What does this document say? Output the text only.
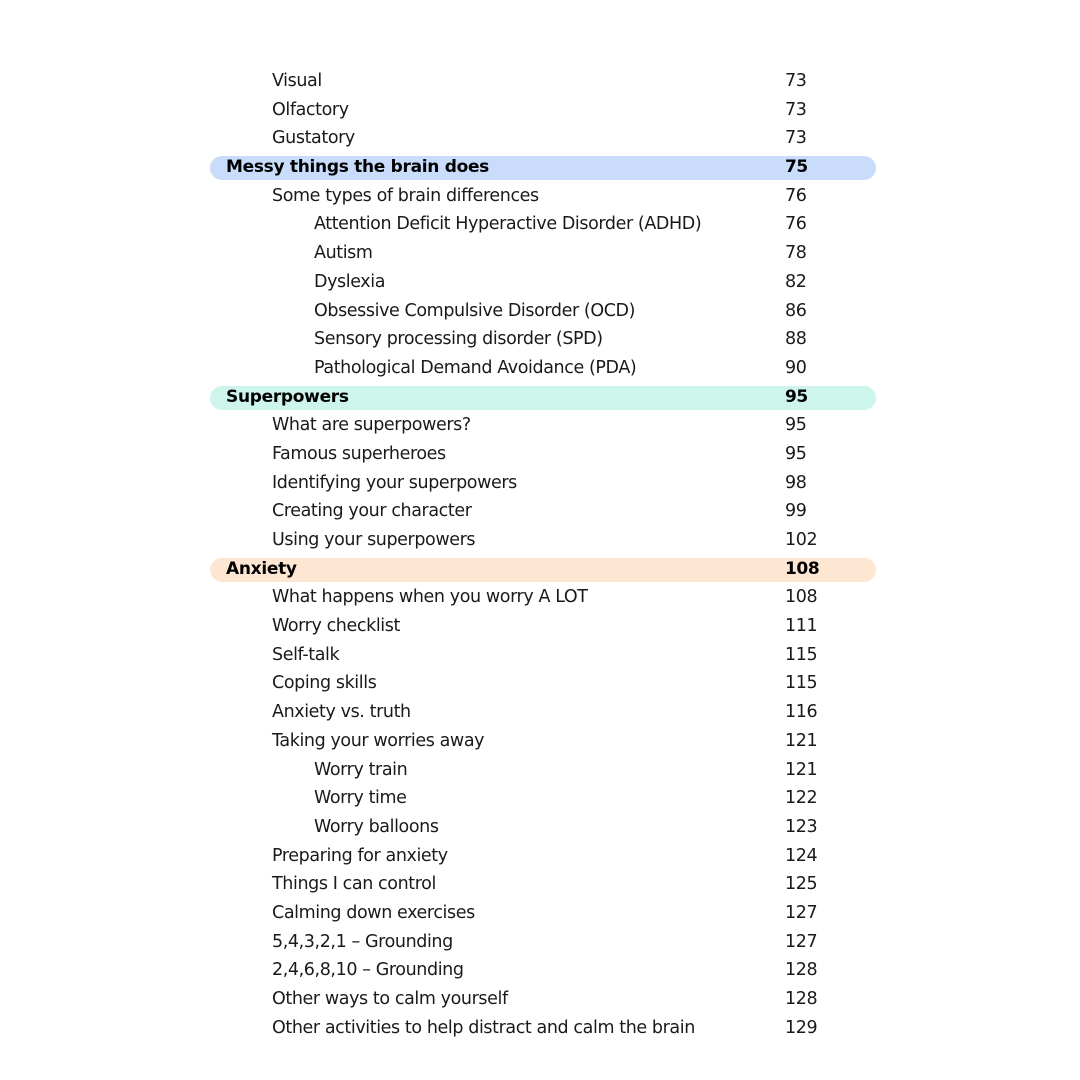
Visual	73
Olfactory	73
Gustatory	73
Messy things the brain does	75
Some types of brain differences	76
Attention Deficit Hyperactive Disorder (ADHD)	76
Autism	78
Dyslexia	82
Obsessive Compulsive Disorder (OCD)	86
Sensory processing disorder (SPD)	88
Pathological Demand Avoidance (PDA)	90
Superpowers	95
What are superpowers?	95
Famous superheroes	95
Identifying your superpowers	98
Creating your character	99
Using your superpowers	102
Anxiety	108
What happens when you worry A LOT	108
Worry checklist	111
Self-talk	115
Coping skills	115
Anxiety vs. truth	116
Taking your worries away	121
Worry train	121
Worry time	122
Worry balloons	123
Preparing for anxiety	124
Things I can control	125
Calming down exercises	127
5,4,3,2,1 – Grounding	127
2,4,6,8,10 – Grounding	128
Other ways to calm yourself	128
Other activities to help distract and calm the brain	129
